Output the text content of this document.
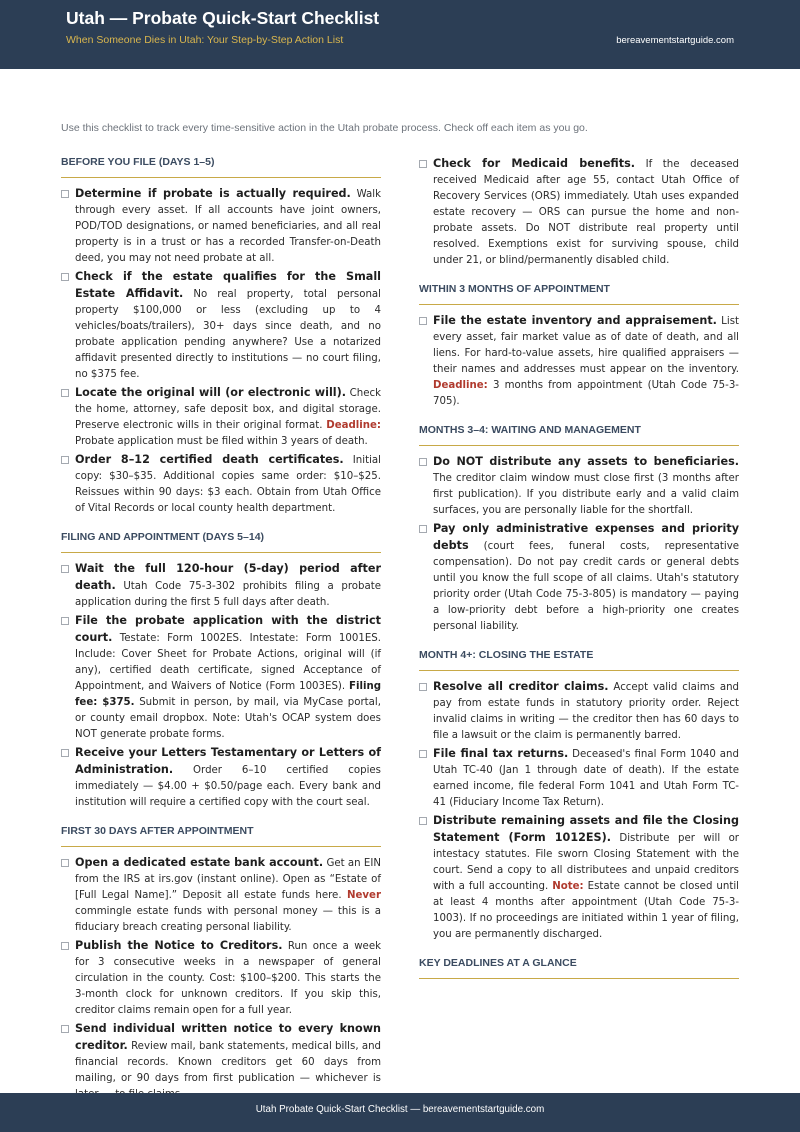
Utah — Probate Quick-Start Checklist
When Someone Dies in Utah: Your Step-by-Step Action List	bereavementstartguide.com
Use this checklist to track every time-sensitive action in the Utah probate process. Check off each item as you go.
BEFORE YOU FILE (DAYS 1–5)
Determine if probate is actually required. Walk through every asset. If all accounts have joint owners, POD/TOD designations, or named beneficiaries, and all real property is in a trust or has a recorded Transfer-on-Death deed, you may not need probate at all.
Check if the estate qualifies for the Small Estate Affidavit. No real property, total personal property $100,000 or less (excluding up to 4 vehicles/boats/trailers), 30+ days since death, and no probate application pending anywhere? Use a notarized affidavit presented directly to institutions — no court filing, no $375 fee.
Locate the original will (or electronic will). Check the home, attorney, safe deposit box, and digital storage. Preserve electronic wills in their original format. Deadline: Probate application must be filed within 3 years of death.
Order 8–12 certified death certificates. Initial copy: $30–$35. Additional copies same order: $10–$25. Reissues within 90 days: $3 each. Obtain from Utah Office of Vital Records or local county health department.
FILING AND APPOINTMENT (DAYS 5–14)
Wait the full 120-hour (5-day) period after death. Utah Code 75-3-302 prohibits filing a probate application during the first 5 full days after death.
File the probate application with the district court. Testate: Form 1002ES. Intestate: Form 1001ES. Include: Cover Sheet for Probate Actions, original will (if any), certified death certificate, signed Acceptance of Appointment, and Waivers of Notice (Form 1003ES). Filing fee: $375. Submit in person, by mail, via MyCase portal, or county email dropbox. Note: Utah's OCAP system does NOT generate probate forms.
Receive your Letters Testamentary or Letters of Administration. Order 6–10 certified copies immediately — $4.00 + $0.50/page each. Every bank and institution will require a certified copy with the court seal.
FIRST 30 DAYS AFTER APPOINTMENT
Open a dedicated estate bank account. Get an EIN from the IRS at irs.gov (instant online). Open as “Estate of [Full Legal Name].” Deposit all estate funds here. Never commingle estate funds with personal money — this is a fiduciary breach creating personal liability.
Publish the Notice to Creditors. Run once a week for 3 consecutive weeks in a newspaper of general circulation in the county. Cost: $100–$200. This starts the 3-month clock for unknown creditors. If you skip this, creditor claims remain open for a full year.
Send individual written notice to every known creditor. Review mail, bank statements, medical bills, and financial records. Known creditors get 60 days from mailing, or 90 days from first publication — whichever is
Check for Medicaid benefits. If the deceased received Medicaid after age 55, contact Utah Office of Recovery Services (ORS) immediately. Utah uses expanded estate recovery — ORS can pursue the home and non-probate assets. Do NOT distribute real property until resolved. Exemptions exist for surviving spouse, child under 21, or blind/permanently disabled child.
WITHIN 3 MONTHS OF APPOINTMENT
File the estate inventory and appraisement. List every asset, fair market value as of date of death, and all liens. For hard-to-value assets, hire qualified appraisers — their names and addresses must appear on the inventory. Deadline: 3 months from appointment (Utah Code 75-3-705).
MONTHS 3–4: WAITING AND MANAGEMENT
Do NOT distribute any assets to beneficiaries. The creditor claim window must close first (3 months after first publication). If you distribute early and a valid claim surfaces, you are personally liable for the shortfall.
Pay only administrative expenses and priority debts (court fees, funeral costs, representative compensation). Do not pay credit cards or general debts until you know the full scope of all claims. Utah's statutory priority order (Utah Code 75-3-805) is mandatory — paying a low-priority debt before a high-priority one creates personal liability.
MONTH 4+: CLOSING THE ESTATE
Resolve all creditor claims. Accept valid claims and pay from estate funds in statutory priority order. Reject invalid claims in writing — the creditor then has 60 days to file a lawsuit or the claim is permanently barred.
File final tax returns. Deceased's final Form 1040 and Utah TC-40 (Jan 1 through date of death). If the estate earned income, file federal Form 1041 and Utah Form TC-41 (Fiduciary Income Tax Return).
Distribute remaining assets and file the Closing Statement (Form 1012ES). Distribute per will or intestacy statutes. File sworn Closing Statement with the court. Send a copy to all distributees and unpaid creditors with a full accounting. Note: Estate cannot be closed until at least 4 months after appointment (Utah Code 75-3-1003). If no proceedings are initiated within 1 year of filing, you are permanently discharged.
KEY DEADLINES AT A GLANCE
Utah Probate Quick-Start Checklist — bereavementstartguide.com
